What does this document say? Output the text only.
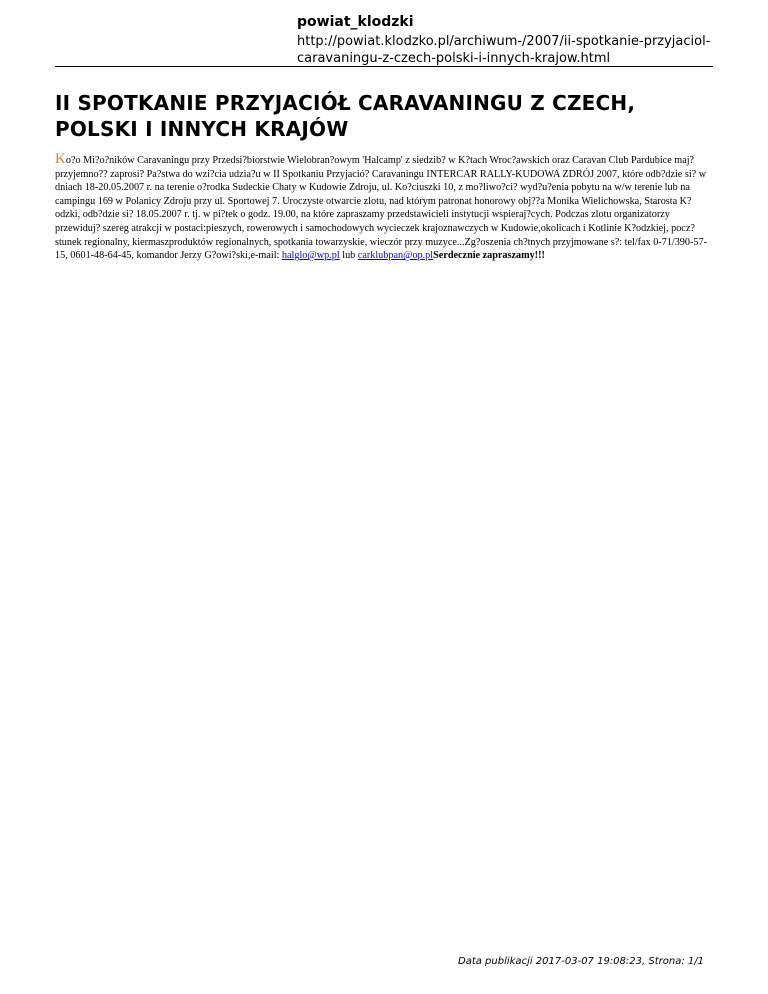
powiat_klodzki
http://powiat.klodzko.pl/archiwum-/2007/ii-spotkanie-przyjaciol-caravaningu-z-czech-polski-i-innych-krajow.html
II SPOTKANIE PRZYJACIÓŁ CARAVANINGU Z CZECH, POLSKI I INNYCH KRAJÓW
Ko?o Mi?o?ników Caravaningu przy Przedsi?biorstwie Wielobran?owym 'Halcamp' z siedzib? w K?tach Wroc?awskich oraz Caravan Club Pardubice maj? przyjemno?? zaprosi? Pa?stwa do wzi?cia udzia?u w II Spotkaniu Przyjació? Caravaningu INTERCAR RALLY-KUDOWA ZDRÓJ 2007, które odb?dzie si? w dniach 18-20.05.2007 r. na terenie o?rodka Sudeckie Chaty w Kudowie Zdroju, ul. Ko?ciuszki 10, z mo?liwo?ci? wyd?u?enia pobytu na w/w terenie lub na campingu 169 w Polanicy Zdroju przy ul. Sportowej 7. Uroczyste otwarcie zlotu, nad którym patronat honorowy obj??a Monika Wielichowska, Starosta K?odzki, odb?dzie si? 18.05.2007 r. tj. w pi?tek o godz. 19.00, na które zapraszamy przedstawicieli instytucji wspieraj?cych. Podczas zlotu organizatorzy przewiduj? szereg atrakcji w postaci:pieszych, rowerowych i samochodowych wycieczek krajoznawczych w Kudowie,okolicach i Kotlinie K?odzkiej, pocz?stunek regionalny, kiermaszproduktów regionalnych, spotkania towarzyskie, wieczór przy muzyce...Zg?oszenia ch?tnych przyjmowane s?: tel/fax 0-71/390-57-15, 0601-48-64-45, komandor Jerzy G?owi?ski,e-mail: halglo@wp.pl lub carklubpan@op.plSerdecznie zapraszamy!!!
Data publikacji 2017-03-07 19:08:23, Strona: 1/1
